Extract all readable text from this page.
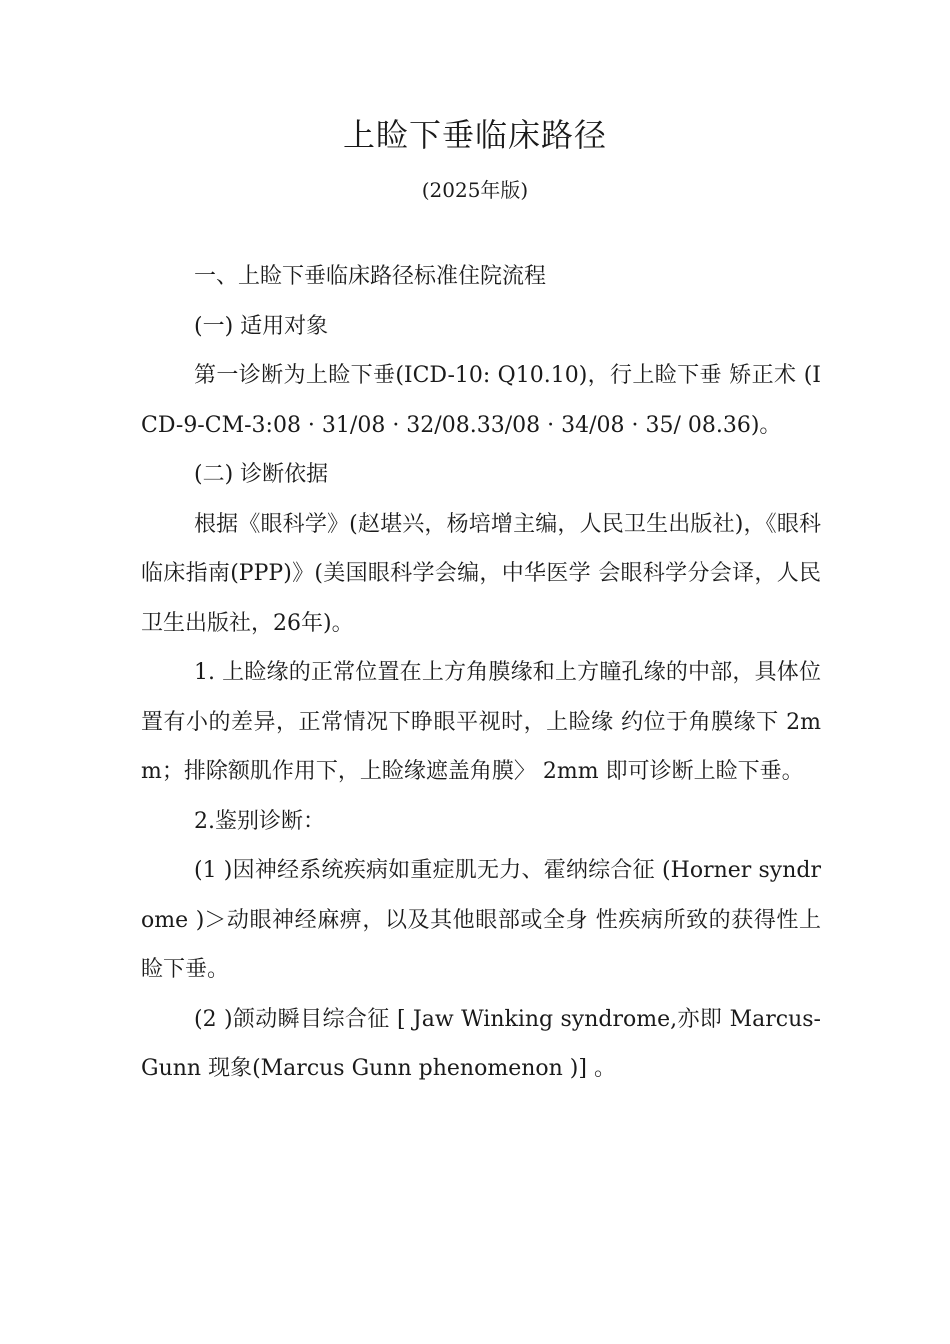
上睑下垂临床路径
(2025年版)

一、上睑下垂临床路径标准住院流程

(一) 适用对象

第一诊断为上睑下垂(ICD-10: Q10.10)，行上睑下垂 矫正术 (ICD-9-CM-3:08 · 31/08 · 32/08.33/08 · 34/08 · 35/ 08.36)。

(二) 诊断依据

根据《眼科学》(赵堪兴，杨培增主编，人民卫生出版社)，《眼科临床指南(PPP)》(美国眼科学会编，中华医学 会眼科学分会译，人民卫生出版社，26年)。

1. 上睑缘的正常位置在上方角膜缘和上方瞳孔缘的中部，具体位置有小的差异，正常情况下睁眼平视时，上睑缘 约位于角膜缘下 2mm；排除额肌作用下，上睑缘遮盖角膜〉 2mm 即可诊断上睑下垂。

2.鉴别诊断：

(1 )因神经系统疾病如重症肌无力、霍纳综合征 (Horner syndrome )＞动眼神经麻痹，以及其他眼部或全身 性疾病所致的获得性上睑下垂。

(2 )颌动瞬目综合征 [ Jaw Winking syndrome,亦即 Marcus-Gunn 现象(Marcus Gunn phenomenon )] 。
